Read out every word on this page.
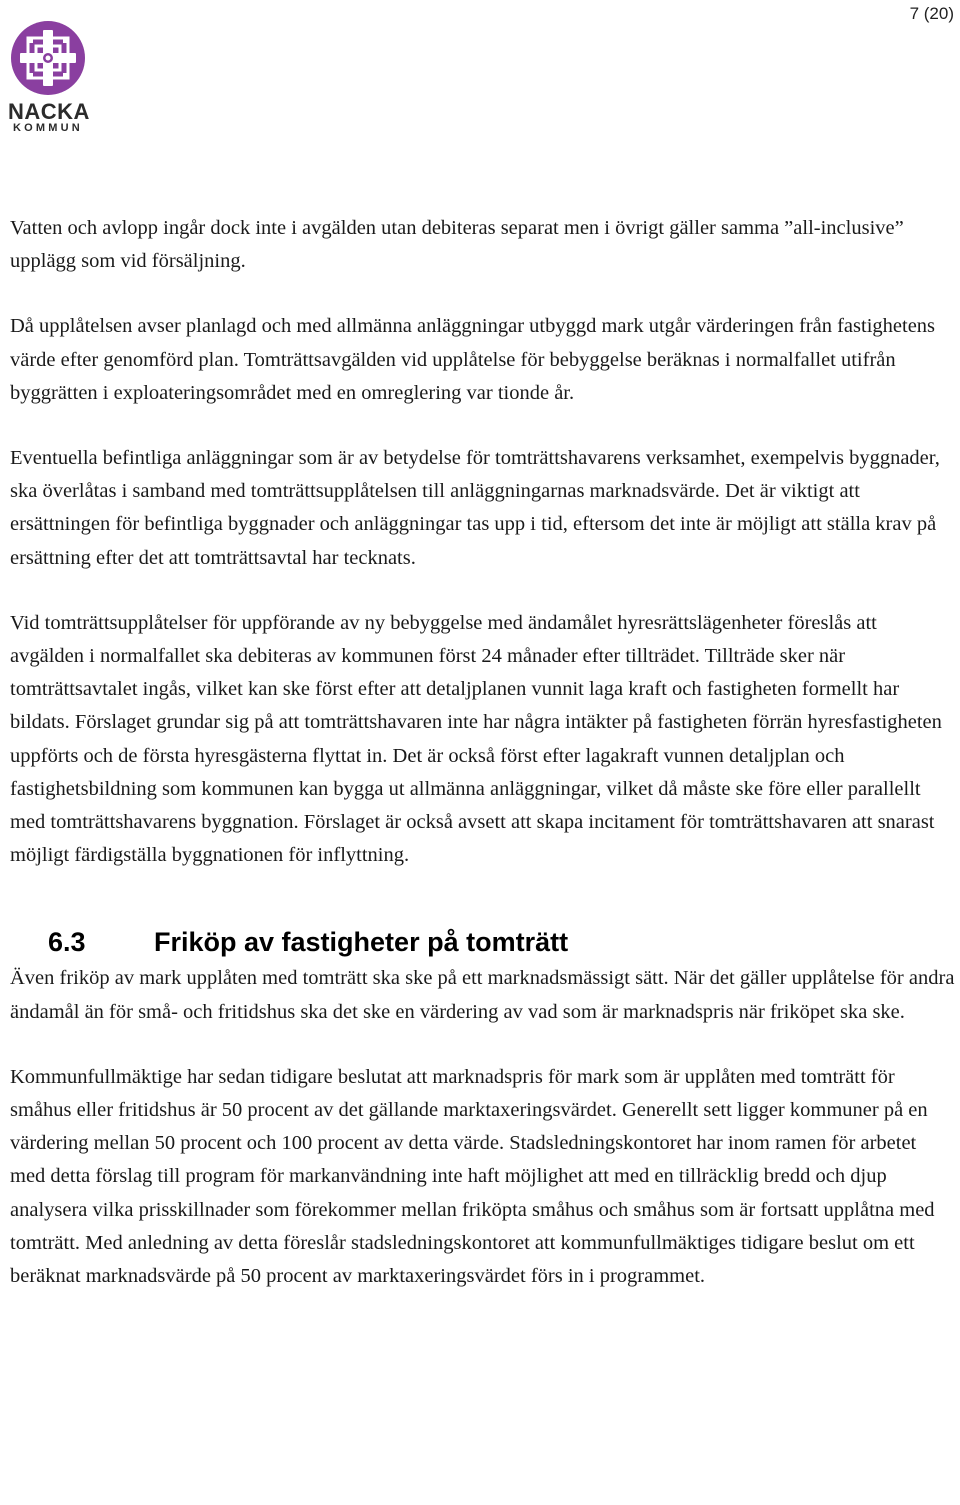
7 (20)
NACKA
KOMMUN

Vatten och avlopp ingår dock inte i avgälden utan debiteras separat men i övrigt gäller samma ”all-inclusive” upplägg som vid försäljning.

Då upplåtelsen avser planlagd och med allmänna anläggningar utbyggd mark utgår värderingen från fastighetens värde efter genomförd plan. Tomträttsavgälden vid upplåtelse för bebyggelse beräknas i normalfallet utifrån byggrätten i exploateringsområdet med en omreglering var tionde år.

Eventuella befintliga anläggningar som är av betydelse för tomträttshavarens verksamhet, exempelvis byggnader, ska överlåtas i samband med tomträttsupplåtelsen till anläggningarnas marknadsvärde. Det är viktigt att ersättningen för befintliga byggnader och anläggningar tas upp i tid, eftersom det inte är möjligt att ställa krav på ersättning efter det att tomträttsavtal har tecknats.

Vid tomträttsupplåtelser för uppförande av ny bebyggelse med ändamålet hyresrättslägenheter föreslås att avgälden i normalfallet ska debiteras av kommunen först 24 månader efter tillträdet. Tillträde sker när tomträttsavtalet ingås, vilket kan ske först efter att detaljplanen vunnit laga kraft och fastigheten formellt har bildats. Förslaget grundar sig på att tomträttshavaren inte har några intäkter på fastigheten förrän hyresfastigheten uppförts och de första hyresgästerna flyttat in. Det är också först efter lagakraft vunnen detaljplan och fastighetsbildning som kommunen kan bygga ut allmänna anläggningar, vilket då måste ske före eller parallellt med tomträttshavarens byggnation. Förslaget är också avsett att skapa incitament för tomträttshavaren att snarast möjligt färdigställa byggnationen för inflyttning.

6.3	Friköp av fastigheter på tomträtt

Även friköp av mark upplåten med tomträtt ska ske på ett marknadsmässigt sätt. När det gäller upplåtelse för andra ändamål än för små- och fritidshus ska det ske en värdering av vad som är marknadspris när friköpet ska ske.

Kommunfullmäktige har sedan tidigare beslutat att marknadspris för mark som är upplåten med tomträtt för småhus eller fritidshus är 50 procent av det gällande marktaxeringsvärdet. Generellt sett ligger kommuner på en värdering mellan 50 procent och 100 procent av detta värde. Stadsledningskontoret har inom ramen för arbetet med detta förslag till program för markanvändning inte haft möjlighet att med en tillräcklig bredd och djup analysera vilka prisskillnader som förekommer mellan friköpta småhus och småhus som är fortsatt upplåtna med tomträtt. Med anledning av detta föreslår stadsledningskontoret att kommunfullmäktiges tidigare beslut om ett beräknat marknadsvärde på 50 procent av marktaxeringsvärdet förs in i programmet.
